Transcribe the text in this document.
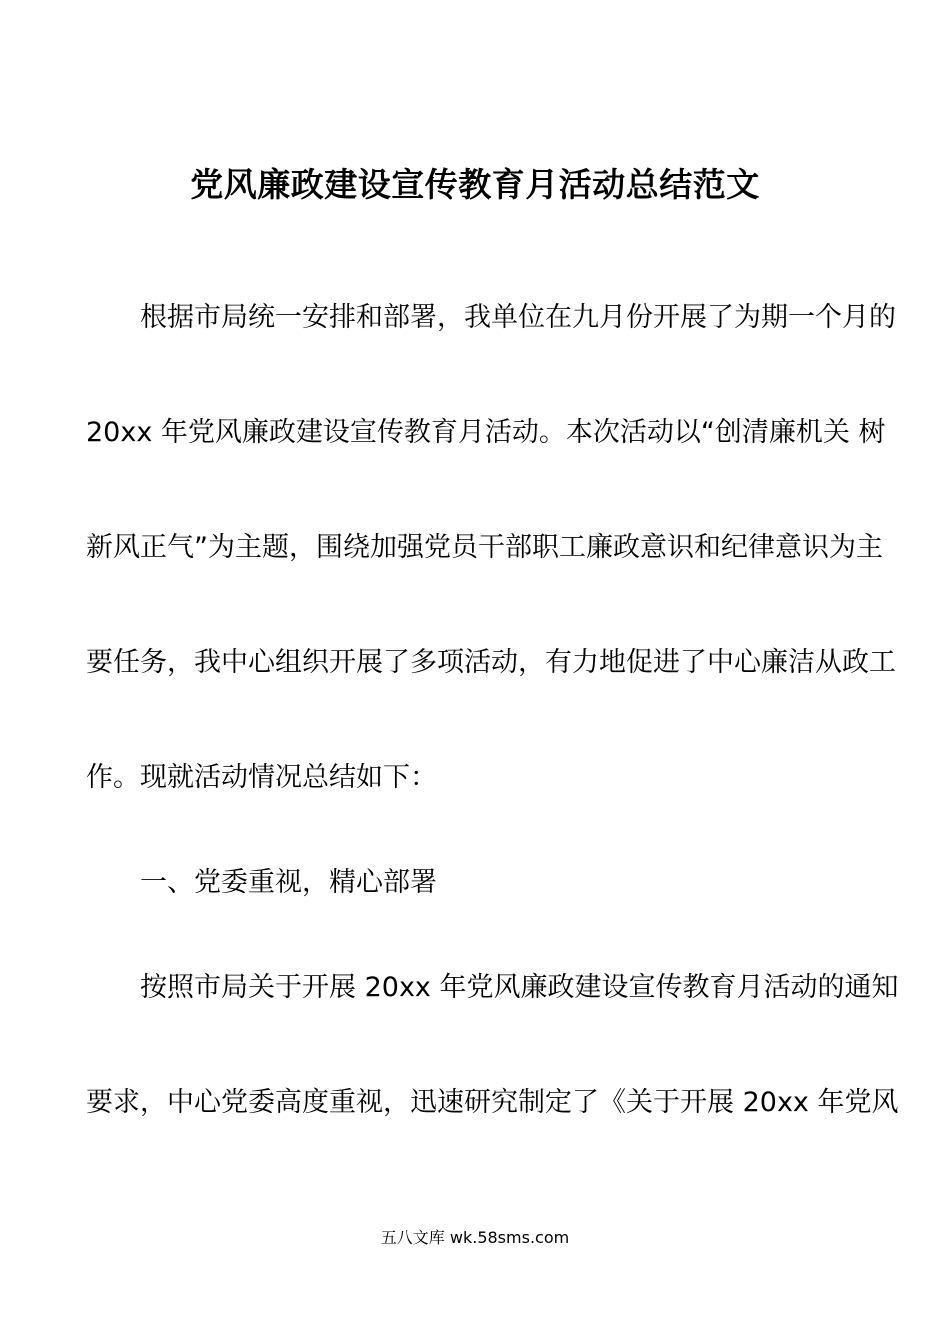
党风廉政建设宣传教育月活动总结范文
根据市局统一安排和部署，我单位在九月份开展了为期一个月的
20xx 年党风廉政建设宣传教育月活动。本次活动以“创清廉机关 树
新风正气”为主题，围绕加强党员干部职工廉政意识和纪律意识为主
要任务，我中心组织开展了多项活动，有力地促进了中心廉洁从政工
作。现就活动情况总结如下：
一、党委重视，精心部署
按照市局关于开展 20xx 年党风廉政建设宣传教育月活动的通知
要求，中心党委高度重视，迅速研究制定了《关于开展 20xx 年党风
五八文库 wk.58sms.com
